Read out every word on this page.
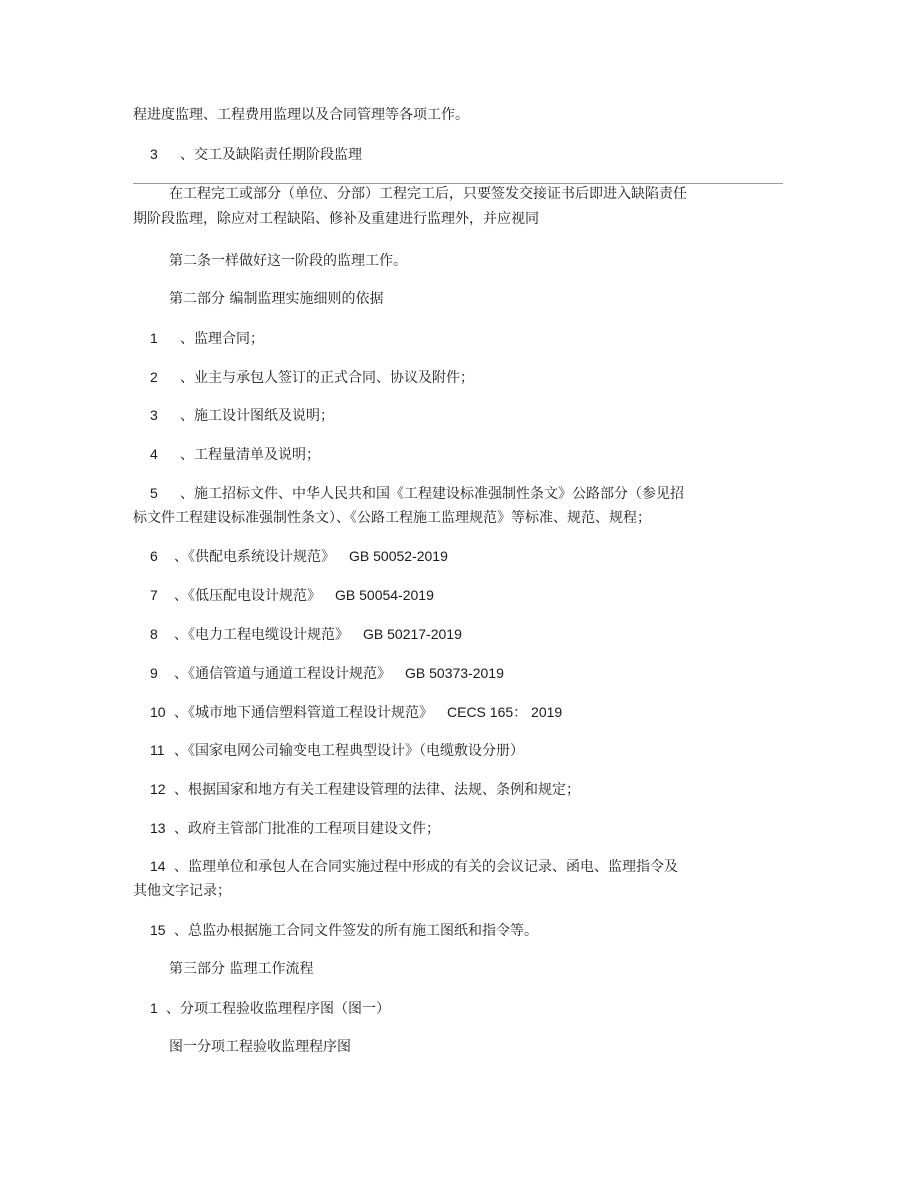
程进度监理、工程费用监理以及合同管理等各项工作。
3 、交工及缺陷责任期阶段监理
在工程完工或部分（单位、分部）工程完工后，只要签发交接证书后即进入缺陷责任
期阶段监理，除应对工程缺陷、修补及重建进行监理外，并应视同
第二条一样做好这一阶段的监理工作。
第二部分 编制监理实施细则的依据
1 、监理合同；
2 、业主与承包人签订的正式合同、协议及附件；
3 、施工设计图纸及说明；
4 、工程量清单及说明；
5 、施工招标文件、中华人民共和国《工程建设标准强制性条文》公路部分（参见招
标文件工程建设标准强制性条文）、《公路工程施工监理规范》等标准、规范、规程；
6 、《供配电系统设计规范》 GB 50052-2019
7 、《低压配电设计规范》 GB 50054-2019
8 、《电力工程电缆设计规范》 GB 50217-2019
9 、《通信管道与通道工程设计规范》 GB 50373-2019
10 、《城市地下通信塑料管道工程设计规范》 CECS 165： 2019
11 、《国家电网公司输变电工程典型设计》（电缆敷设分册）
12 、根据国家和地方有关工程建设管理的法律、法规、条例和规定；
13 、政府主管部门批准的工程项目建设文件；
14 、监理单位和承包人在合同实施过程中形成的有关的会议记录、函电、监理指令及
其他文字记录；
15 、总监办根据施工合同文件签发的所有施工图纸和指令等。
第三部分 监理工作流程
1 、分项工程验收监理程序图（图一）
图一分项工程验收监理程序图
